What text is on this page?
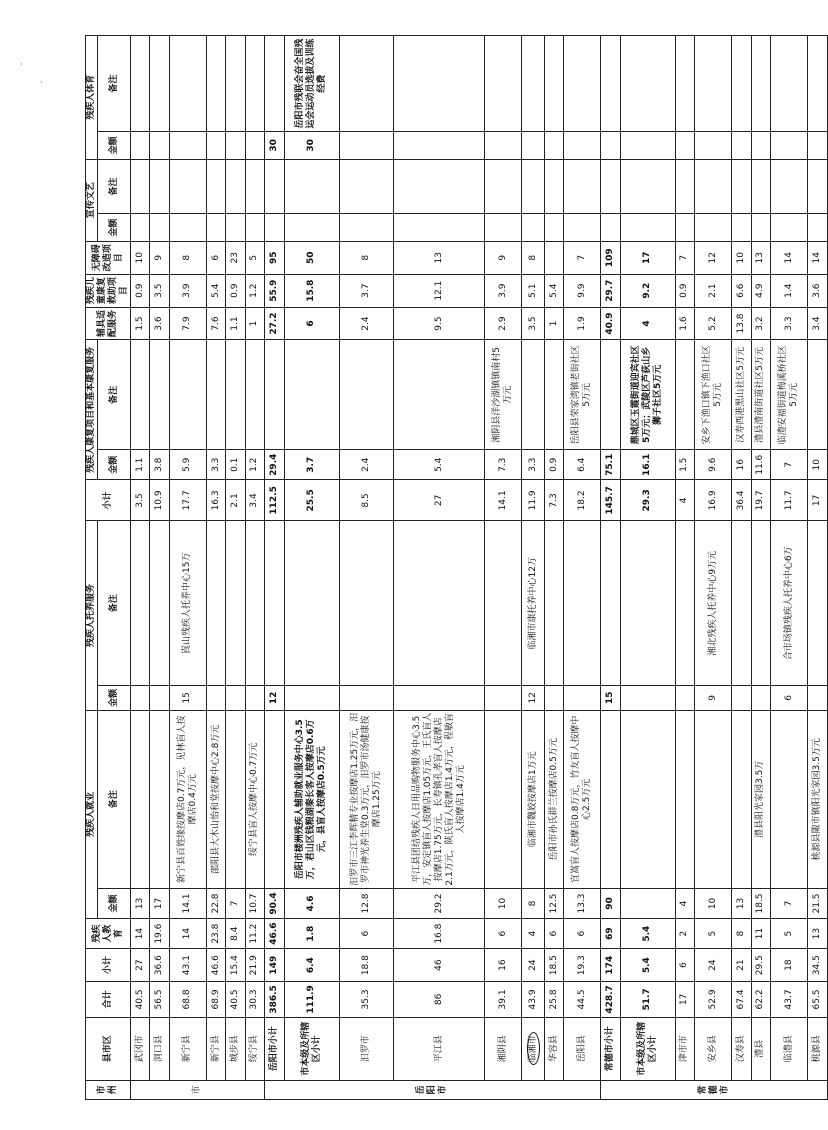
·
·
市州	县市区	合计	小计	残疾人教育	残疾人就业		残疾人托养服务		小计	残疾人康复项目和基本康复服务		辅具适配服务	残疾儿童康复救助项目	无障碍改造项目	宣传文艺		残疾人体育	
					金额	备注	金额	备注		金额	备注				金额	备注	金额	备注

市	武冈市	40.5	27	14	13				3.5	1.1		1.5	0.9	10				
	洞口县	56.5	36.6	19.6	17				10.9	3.8		3.6	3.5	9				
	新宁县	68.8	43.1	14	14.1	新宁县百姓缘按摩店0.7万元，见林盲人按摩店0.4万元	15	崀山残疾人托养中心15万	17.7	5.9		7.9	3.9	8				
	新宁县	68.9	46.6	23.8	22.8	邵阳县大木山怡和堂按摩中心2.8万元			16.3	3.3		7.6	5.4	6				
	城步县	40.5	15.4	8.4	7				2.1	0.1		1.1	0.9	23				
	绥宁县	30.3	21.9	11.2	10.7	绥宁县盲人按摩中心0.7万元			3.4	1.2		1	1.2	5				
岳阳市	岳阳市小计	386.5	149	46.6	90.4		12		112.5	29.4		27.2	55.9	95			30	
	市本级及所辖区小计	111.9	6.4	1.8	4.6	岳阳市楼洲残疾人辅助就业服务中心3.5万，君山区钱粮湖秦长客人按摩店0.6万元，县盲人按摩店0.5万元			25.5	3.7		6	15.8	50			30	岳阳市残联会奋全国残运会运动员选拔及训练经费
	汨罗市	35.3	18.8	6	12.8	汨罗市三江李辉精专业按摩店1.25万元，汨罗市神光养生堂0.3万元，汨罗市汤健康按摩店1.25万元			8.5	2.4		2.4	3.7	8				
	平江县	86	46	16.8	29.2	平江县团结残疾人日用品购物服务中心3.5万，安定镇盲人按摩店1.05万元，王氏盲人按摩店1.75万元，长寿镇孔孝盲人按摩店2.1万元，陕氏盲人按摩店1.4万元，程敏盲人按摩店1.4万元			27	5.4		9.5	12.1	13				
	湘阴县	39.1	16	6	10				14.1	7.3	湘阴县洋沙湖镇镇南村5万元	2.9	3.9	9				
	临湘市	43.9	24	4	8	临湘市魏姣按摩店1万元	12	临湘市康托养中心12万	11.9	3.3		3.5	5.1	8				
	华容县	25.8	18.5	6	12.5	岳阳市孙氏群兰按摩店0.5万元			7.3	0.9		1	5.4					
	岳阳县	44.5	19.3	6	13.3	宜嵩盲人按摩店0.8万元，竹友盲人按摩中心2.5万元			18.2	6.4	岳阳县荣家湾镇老街社区5万元	1.9	9.9	7				
常德市	常德市小计	428.7	174	69	90		15		145.7	75.1		40.9	29.7	109				
	市本级及所辖区小计	51.7	5.4	5.4					29.3	16.1	鼎城区玉霞街道迎宾社区5万元；武陵区芦荻山乡狮子社区5万元	4	9.2	17				
	津市市	17	6	2	4				4	1.5		1.6	0.9	7				
	安乡县	52.9	24	5	10		9	湘北残疾人托养中心9万元	16.9	9.6	安乡下渔口镇下渔口社区5万元	5.2	2.1	12				
	汉寿县	67.4	21	8	13				36.4	16	汉寿西港黑山社区5万元	13.8	6.6	10				
	澧县	62.2	29.5	11	18.5	澧县阳光家园3.5万			19.7	11.6	澧县澧南街道社区5万元	3.2	4.9	13				
	临澧县	43.7	18	5	7		6	合市场镇残疾人托养中心6万	11.7	7	临澧安福街道梅溪桥社区5万元	3.3	1.4	14				
	桃源县	65.5	34.5	13	21.5	桃源县陬市镇阳光家园3.5万元			17	10		3.4	3.6	14				
